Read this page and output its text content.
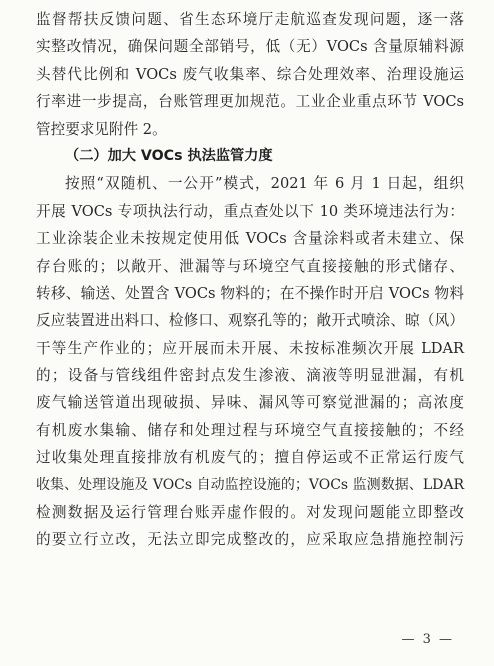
监督帮扶反馈问题、省生态环境厅走航巡查发现问题，逐一落
实整改情况，确保问题全部销号，低（无）VOCs 含量原辅料源
头替代比例和 VOCs 废气收集率、综合处理效率、治理设施运
行率进一步提高，台账管理更加规范。工业企业重点环节 VOCs
管控要求见附件 2。
（二）加大 VOCs 执法监管力度
按照“双随机、一公开”模式，2021 年 6 月 1 日起，组织
开展 VOCs 专项执法行动，重点查处以下 10 类环境违法行为：
工业涂装企业未按规定使用低 VOCs 含量涂料或者未建立、保
存台账的；以敞开、泄漏等与环境空气直接接触的形式储存、
转移、输送、处置含 VOCs 物料的；在不操作时开启 VOCs 物料
反应装置进出料口、检修口、观察孔等的；敞开式喷涂、晾（风）
干等生产作业的；应开展而未开展、未按标准频次开展 LDAR
的；设备与管线组件密封点发生渗液、滴液等明显泄漏，有机
废气输送管道出现破损、异味、漏风等可察觉泄漏的；高浓度
有机废水集输、储存和处理过程与环境空气直接接触的；不经
过收集处理直接排放有机废气的；擅自停运或不正常运行废气
收集、处理设施及 VOCs 自动监控设施的；VOCs 监测数据、LDAR
检测数据及运行管理台账弄虚作假的。对发现问题能立即整改
的要立行立改，无法立即完成整改的，应采取应急措施控制污
— 3 —
